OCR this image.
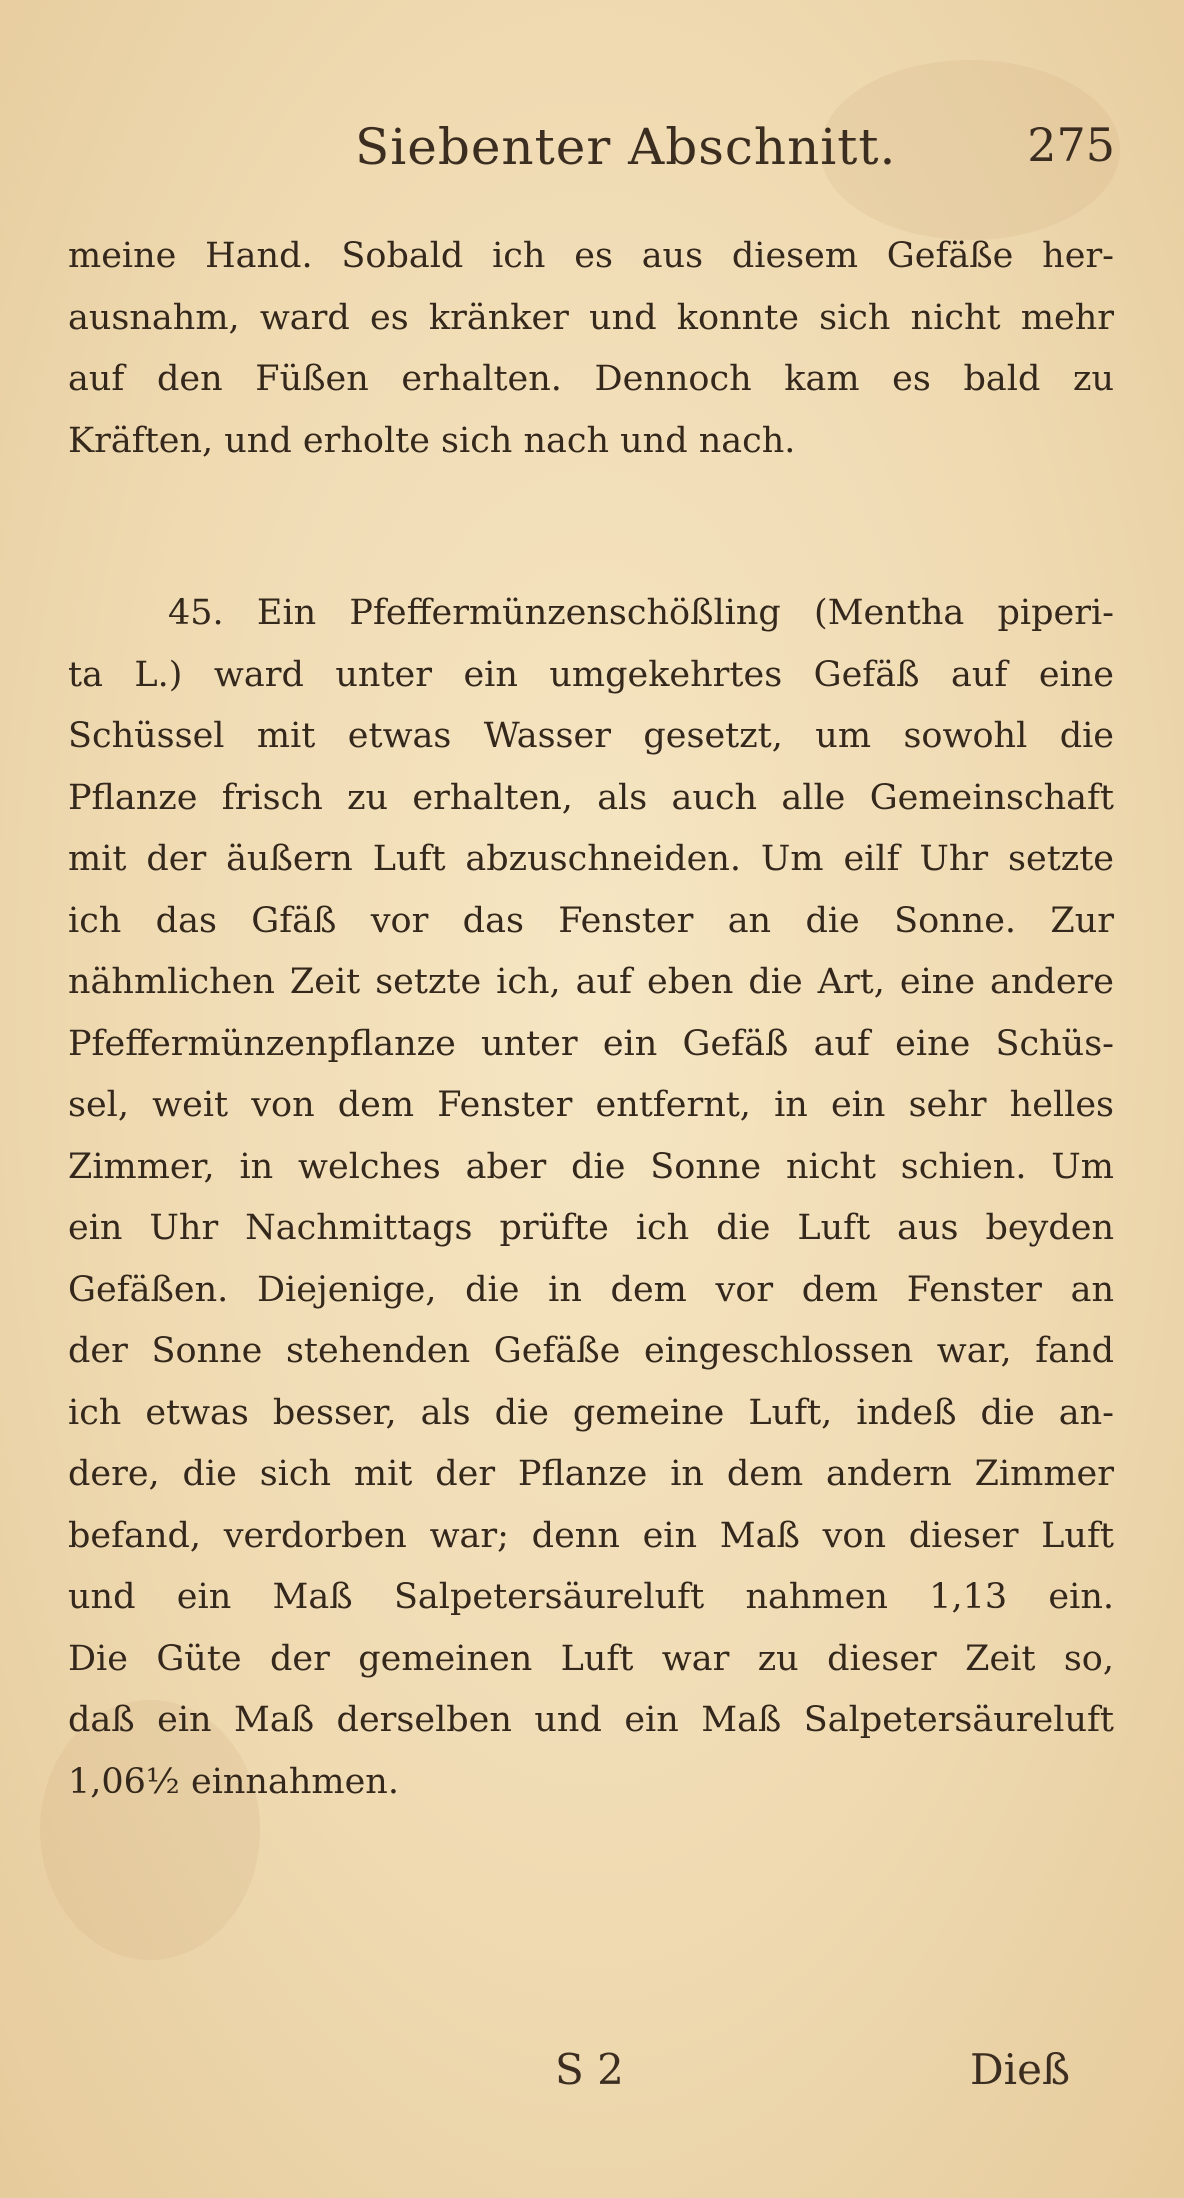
Siebenter Abschnitt.	275
meine Hand. Sobald ich es aus diesem Gefäße her-
ausnahm, ward es kränker und konnte sich nicht mehr
auf den Füßen erhalten. Dennoch kam es bald zu
Kräften, und erholte sich nach und nach.
45. Ein Pfeffermünzenschößling (Mentha piperi-
ta L.) ward unter ein umgekehrtes Gefäß auf eine
Schüssel mit etwas Wasser gesetzt, um sowohl die
Pflanze frisch zu erhalten, als auch alle Gemeinschaft
mit der äußern Luft abzuschneiden. Um eilf Uhr setzte
ich das Gfäß vor das Fenster an die Sonne. Zur
nähmlichen Zeit setzte ich, auf eben die Art, eine andere
Pfeffermünzenpflanze unter ein Gefäß auf eine Schüs-
sel, weit von dem Fenster entfernt, in ein sehr helles
Zimmer, in welches aber die Sonne nicht schien. Um
ein Uhr Nachmittags prüfte ich die Luft aus beyden
Gefäßen. Diejenige, die in dem vor dem Fenster an
der Sonne stehenden Gefäße eingeschlossen war, fand
ich etwas besser, als die gemeine Luft, indeß die an-
dere, die sich mit der Pflanze in dem andern Zimmer
befand, verdorben war; denn ein Maß von dieser Luft
und ein Maß Salpetersäureluft nahmen 1,13 ein.
Die Güte der gemeinen Luft war zu dieser Zeit so,
daß ein Maß derselben und ein Maß Salpetersäureluft
1,06½ einnahmen.
S 2	Dieß
